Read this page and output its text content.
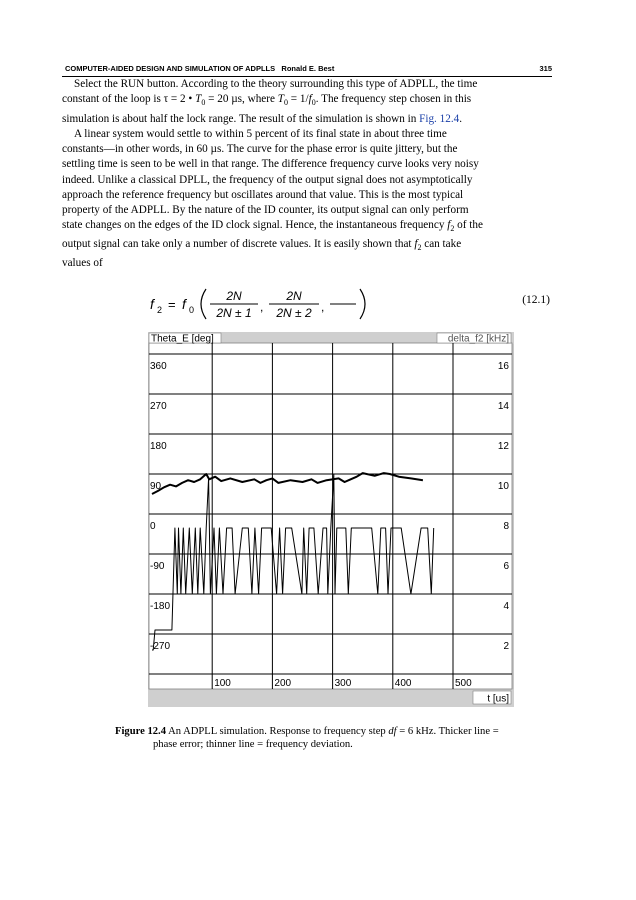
COMPUTER-AIDED DESIGN AND SIMULATION OF ADPLLS Ronald E. Best	315

Select the RUN button. According to the theory surrounding this type of ADPLL, the time

constant of the loop is τ = 2 • $T_0 = 20$ µs, where $T_0 = 1/f_0$. The frequency step chosen in this

simulation is about half the lock range. The result of the simulation is shown in Fig. 12.4.

A linear system would settle to within 5 percent of its final state in about three time

constants—in other words, in 60 µs. The curve for the phase error is quite jittery, but the

settling time is seen to be well in that range. The difference frequency curve looks very noisy

indeed. Unlike a classical DPLL, the frequency of the output signal does not asymptotically

approach the reference frequency but oscillates around that value. This is the most typical

property of the ADPLL. By the nature of the ID counter, its output signal can only perform

state changes on the edges of the ID clock signal. Hence, the instantaneous frequency $f_2$ of the

output signal can take only a number of discrete values. It is easily shown that $f_2$ can take

values of

f 2 = f 0
2N
2N ± 1 ,
2N
2N ± 2 ,	(12.1)
Theta_E [deg]	delta_f2 [kHz]
t [us]
360
270
180
90
0
-90
-180
-270
16
14
12
10
8
6
4
2
100	200	300	400	500
Figure 12.4 An ADPLL simulation. Response to frequency step df = 6 kHz. Thicker line =
phase error; thinner line = frequency deviation.
